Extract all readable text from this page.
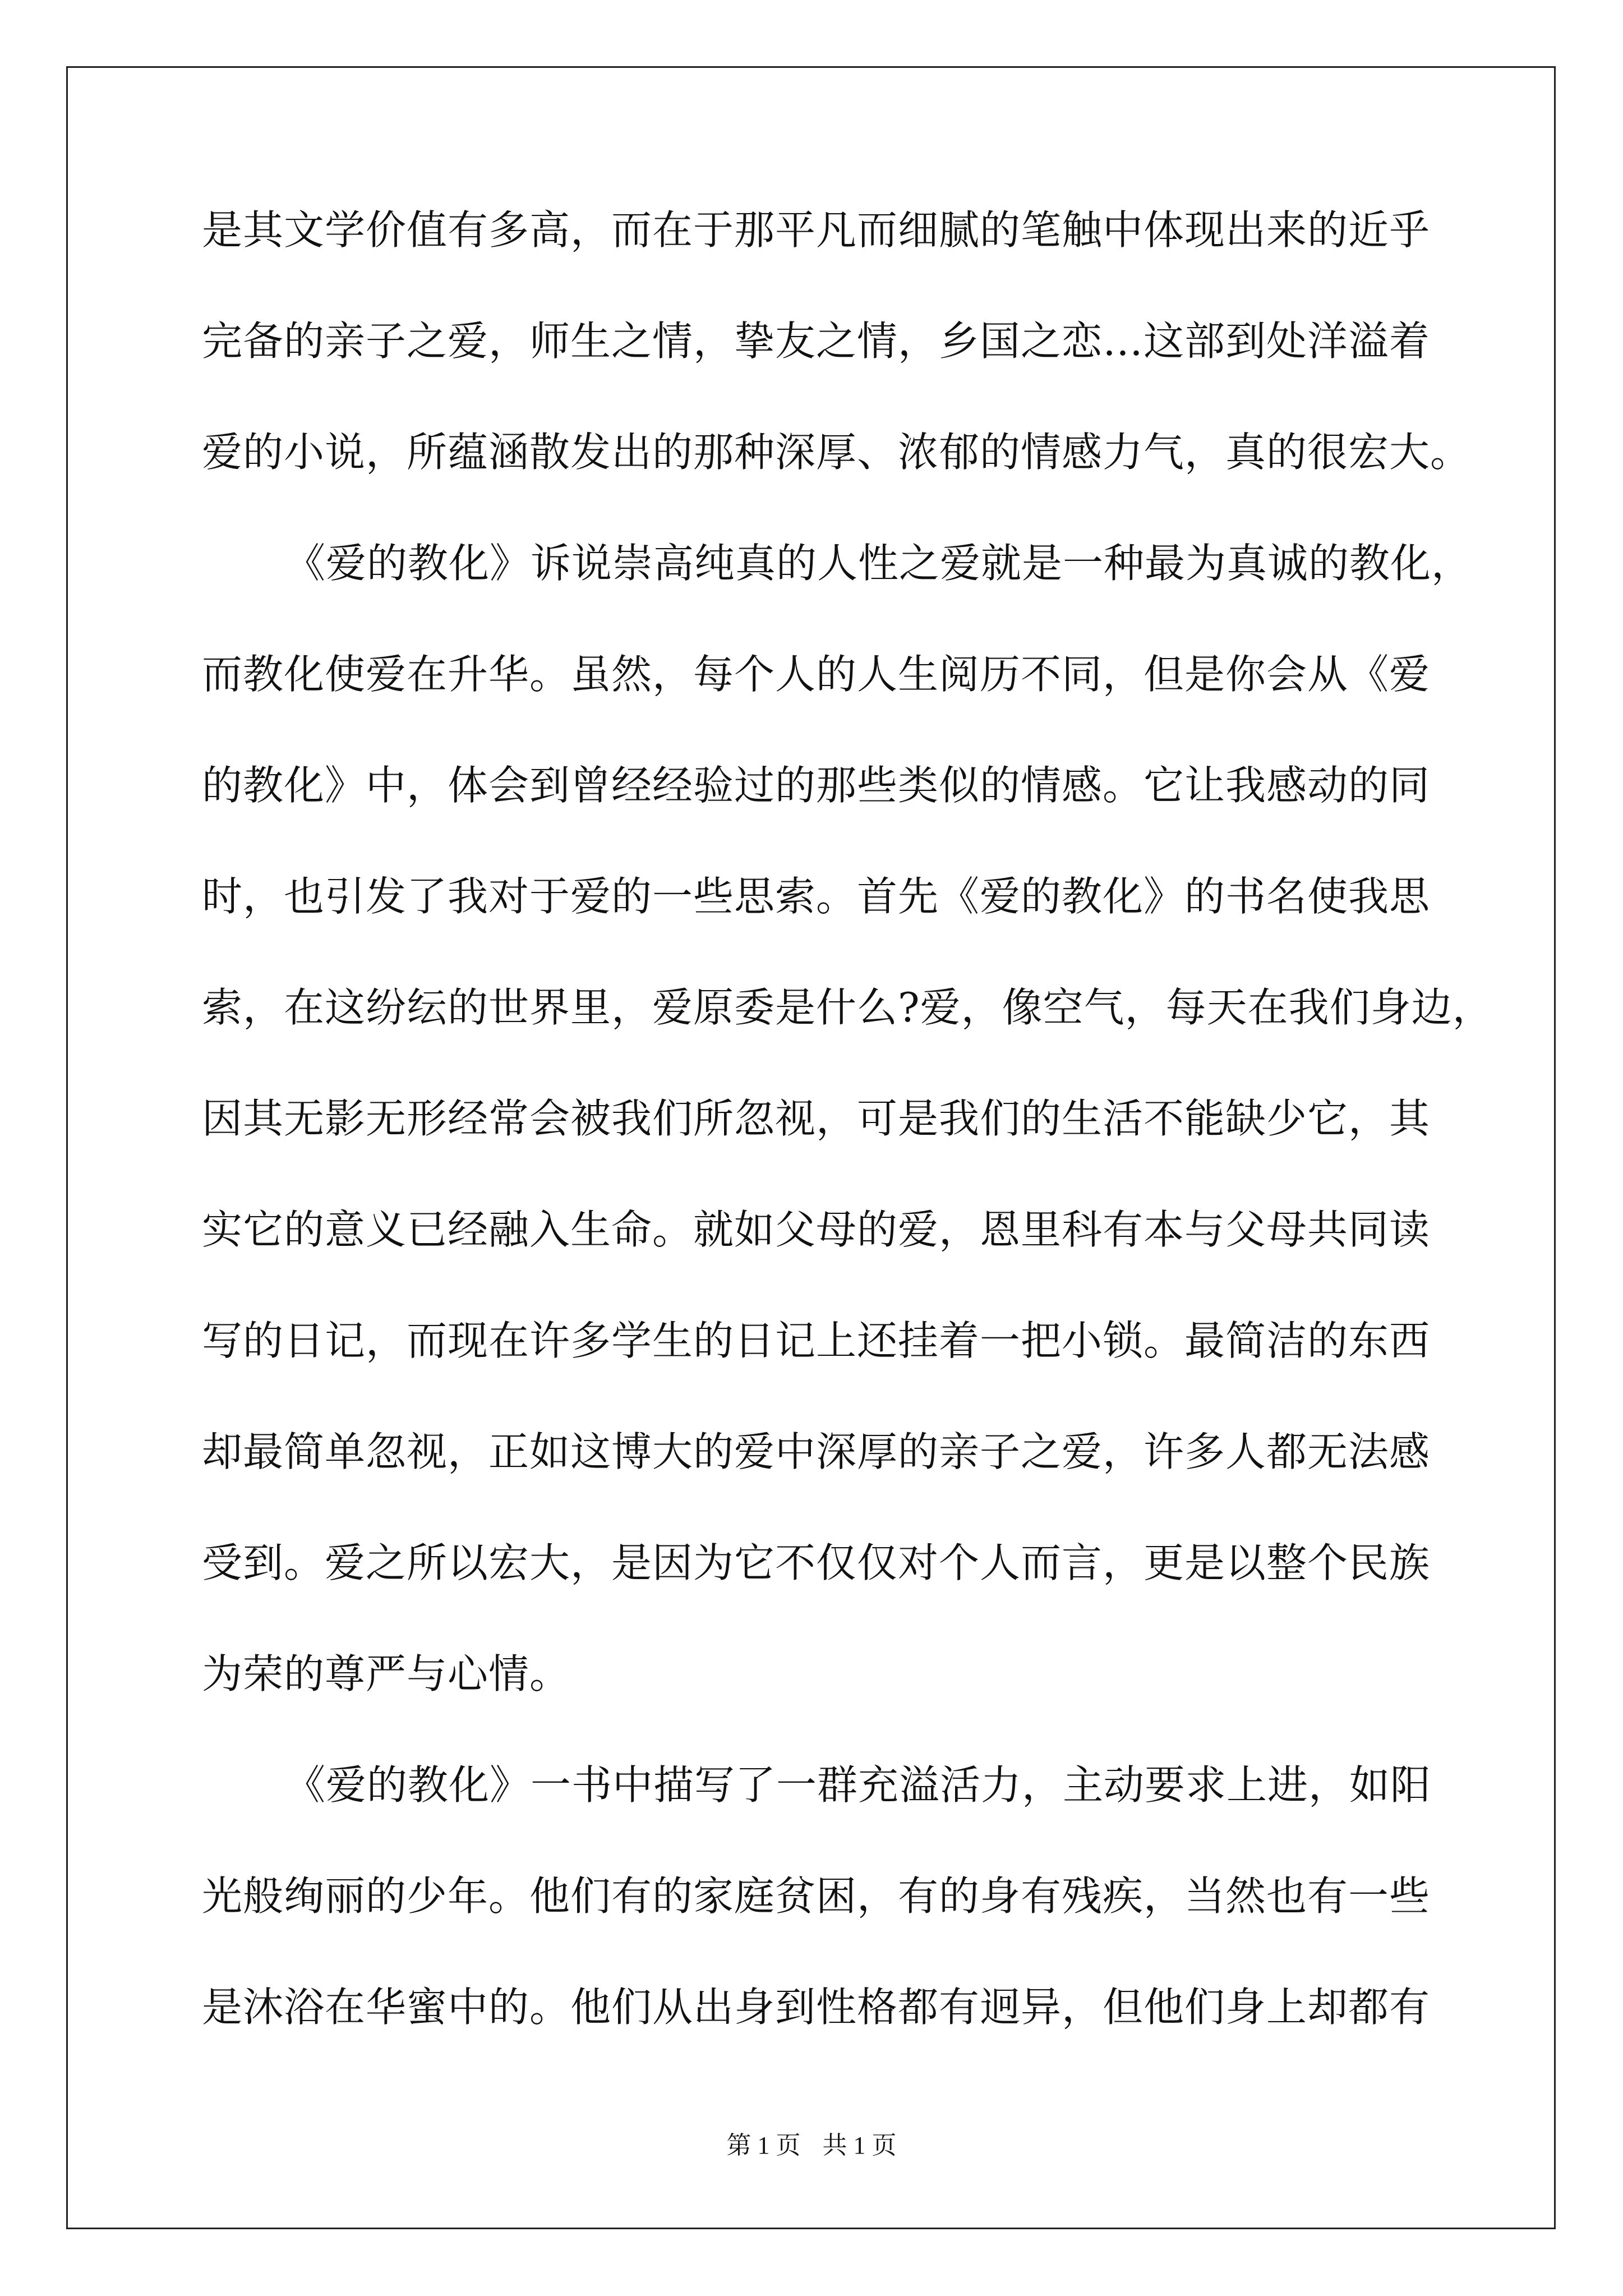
是其文学价值有多高，而在于那平凡而细腻的笔触中体现出来的近乎
完备的亲子之爱，师生之情，挚友之情，乡国之恋…这部到处洋溢着
爱的小说，所蕴涵散发出的那种深厚、浓郁的情感力气，真的很宏大。
《爱的教化》诉说崇高纯真的人性之爱就是一种最为真诚的教化，
而教化使爱在升华。虽然，每个人的人生阅历不同，但是你会从《爱
的教化》中，体会到曾经经验过的那些类似的情感。它让我感动的同
时，也引发了我对于爱的一些思索。首先《爱的教化》的书名使我思
索，在这纷纭的世界里，爱原委是什么?爱，像空气，每天在我们身边，
因其无影无形经常会被我们所忽视，可是我们的生活不能缺少它，其
实它的意义已经融入生命。就如父母的爱，恩里科有本与父母共同读
写的日记，而现在许多学生的日记上还挂着一把小锁。最简洁的东西
却最简单忽视，正如这博大的爱中深厚的亲子之爱，许多人都无法感
受到。爱之所以宏大，是因为它不仅仅对个人而言，更是以整个民族
为荣的尊严与心情。
《爱的教化》一书中描写了一群充溢活力，主动要求上进，如阳
光般绚丽的少年。他们有的家庭贫困，有的身有残疾，当然也有一些
是沐浴在华蜜中的。他们从出身到性格都有迥异，但他们身上却都有
第 1 页 共 1 页
